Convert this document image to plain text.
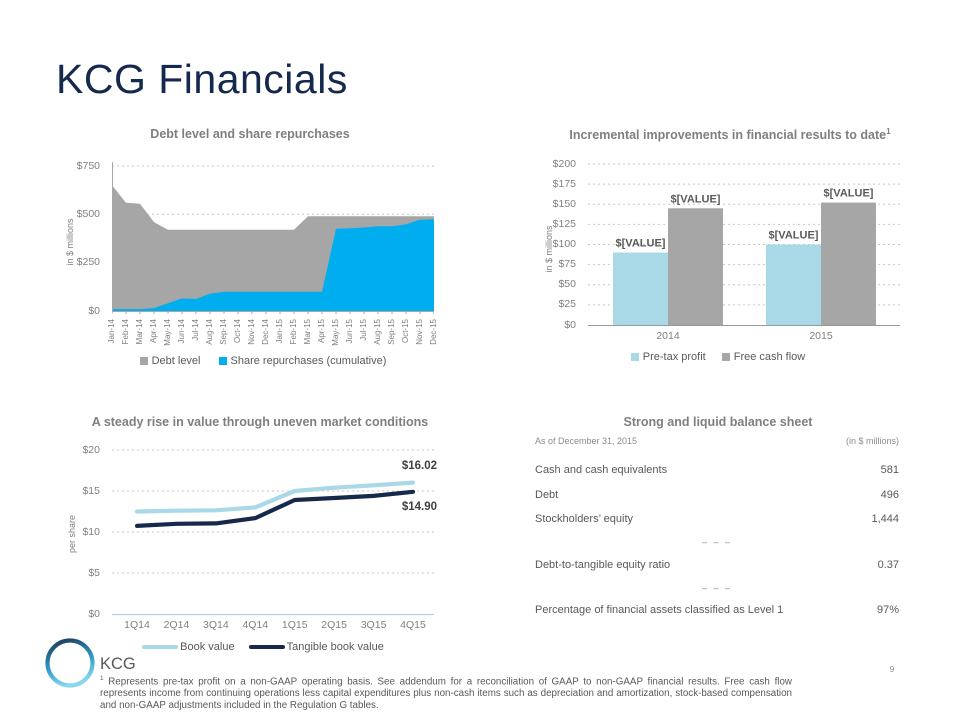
KCG Financials
Debt level and share repurchases
$750
$500
$250
$0
in $ millions
Jan-14 Feb-14 Mar-14 Apr-14 May-14 Jun-14 Jul-14 Aug-14 Sep-14 Oct-14 Nov-14 Dec-14 Jan-15 Feb-15 Mar-15 Apr-15 May-15 Jun-15 Jul-15 Aug-15 Sep-15 Oct-15 Nov-15 Dec-15
Debt level	Share repurchases (cumulative)
Incremental improvements in financial results to date$^1$
$200
$175
$150
$125
$100
$75
$50
$25
$0
in $ millions	$[VALUE]
$[VALUE]
$[VALUE]	$[VALUE]
2014	2015
Pre-tax profit	Free cash flow
A steady rise in value through uneven market conditions
$20
$15
$10
$5
$0
per share
$16.02
$14.90
1Q14	2Q14	3Q14	4Q14	1Q15	2Q15	3Q15	4Q15
Book value	Tangible book value
Strong and liquid balance sheet
As of December 31, 2015	(in $ millions)
Cash and cash equivalents	581
Debt	496
Stockholders’ equity	1,444
– – –
Debt-to-tangible equity ratio	0.37
– – –
Percentage of financial assets classified as Level 1	97%
KCG
$^1$ Represents pre-tax profit on a non-GAAP operating basis. See addendum for a reconciliation of GAAP to non-GAAP financial results. Free cash flow represents income from continuing operations less capital expenditures plus non-cash items such as depreciation and amortization, stock-based compensation and non-GAAP adjustments included in the Regulation G tables.
9
